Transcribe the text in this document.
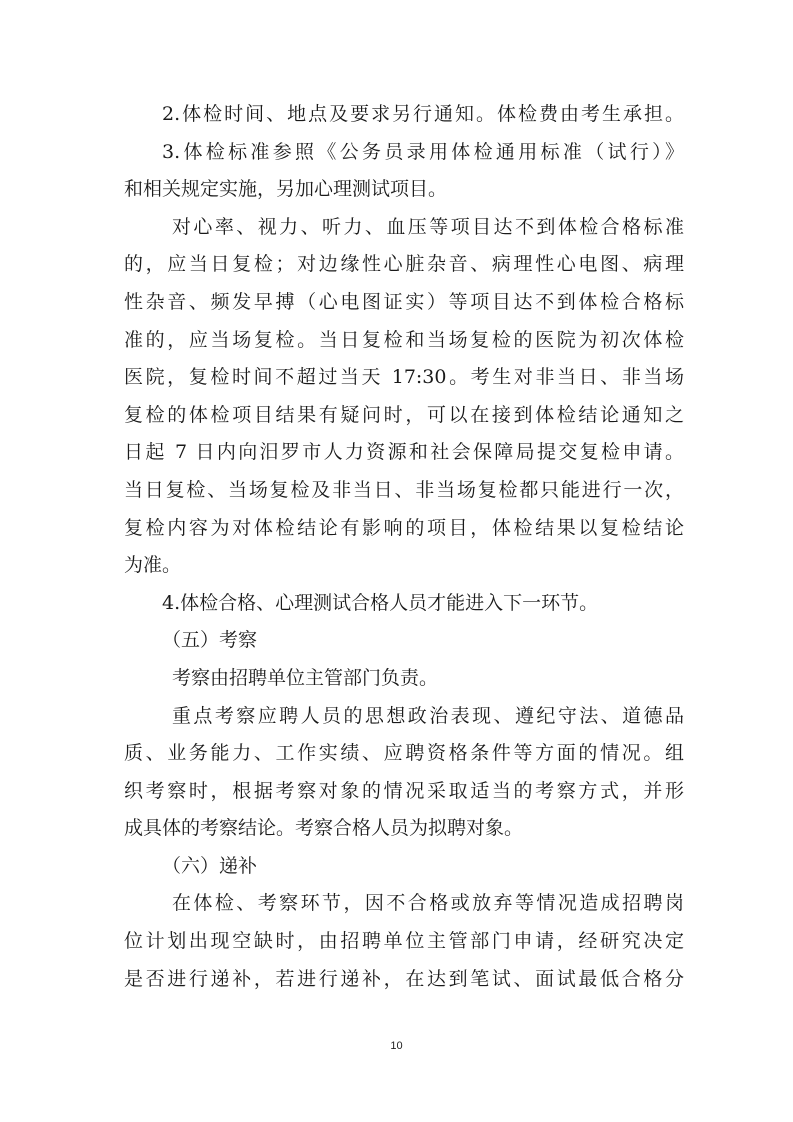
2.体检时间、地点及要求另行通知。体检费由考生承担。
3.体检标准参照《公务员录用体检通用标准（试行）》
和相关规定实施，另加心理测试项目。
对心率、视力、听力、血压等项目达不到体检合格标准
的，应当日复检；对边缘性心脏杂音、病理性心电图、病理
性杂音、频发早搏（心电图证实）等项目达不到体检合格标
准的，应当场复检。当日复检和当场复检的医院为初次体检
医院，复检时间不超过当天 17:30。考生对非当日、非当场
复检的体检项目结果有疑问时，可以在接到体检结论通知之
日起 7 日内向汨罗市人力资源和社会保障局提交复检申请。
当日复检、当场复检及非当日、非当场复检都只能进行一次，
复检内容为对体检结论有影响的项目，体检结果以复检结论
为准。
4.体检合格、心理测试合格人员才能进入下一环节。
（五）考察
考察由招聘单位主管部门负责。
重点考察应聘人员的思想政治表现、遵纪守法、道德品
质、业务能力、工作实绩、应聘资格条件等方面的情况。组
织考察时，根据考察对象的情况采取适当的考察方式，并形
成具体的考察结论。考察合格人员为拟聘对象。
（六）递补
在体检、考察环节，因不合格或放弃等情况造成招聘岗
位计划出现空缺时，由招聘单位主管部门申请，经研究决定
是否进行递补，若进行递补，在达到笔试、面试最低合格分
10
